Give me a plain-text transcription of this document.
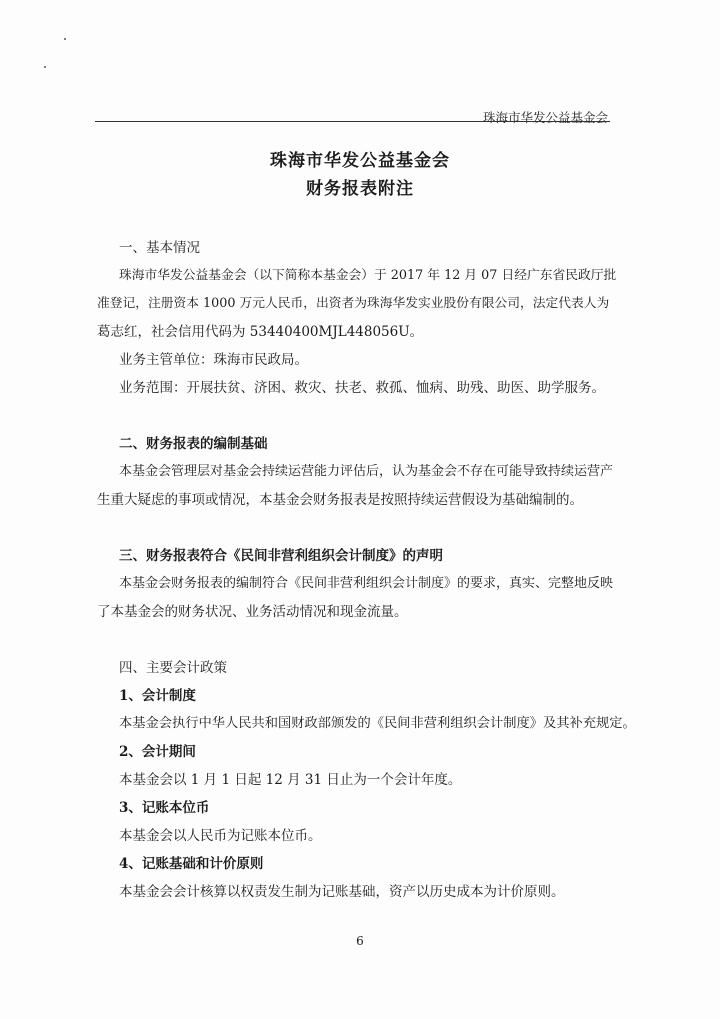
珠海市华发公益基金会
珠海市华发公益基金会
财务报表附注
一、基本情况
珠海市华发公益基金会（以下简称本基金会）于 2017 年 12 月 07 日经广东省民政厅批
准登记，注册资本 1000 万元人民币，出资者为珠海华发实业股份有限公司，法定代表人为
葛志红，社会信用代码为 53440400MJL448056U。
业务主管单位：珠海市民政局。
业务范围：开展扶贫、济困、救灾、扶老、救孤、恤病、助残、助医、助学服务。
二、财务报表的编制基础
本基金会管理层对基金会持续运营能力评估后，认为基金会不存在可能导致持续运营产
生重大疑虑的事项或情况，本基金会财务报表是按照持续运营假设为基础编制的。
三、财务报表符合《民间非营利组织会计制度》的声明
本基金会财务报表的编制符合《民间非营利组织会计制度》的要求，真实、完整地反映
了本基金会的财务状况、业务活动情况和现金流量。
四、主要会计政策
1、会计制度
本基金会执行中华人民共和国财政部颁发的《民间非营利组织会计制度》及其补充规定。
2、会计期间
本基金会以 1 月 1 日起 12 月 31 日止为一个会计年度。
3、记账本位币
本基金会以人民币为记账本位币。
4、记账基础和计价原则
本基金会会计核算以权责发生制为记账基础，资产以历史成本为计价原则。
6
